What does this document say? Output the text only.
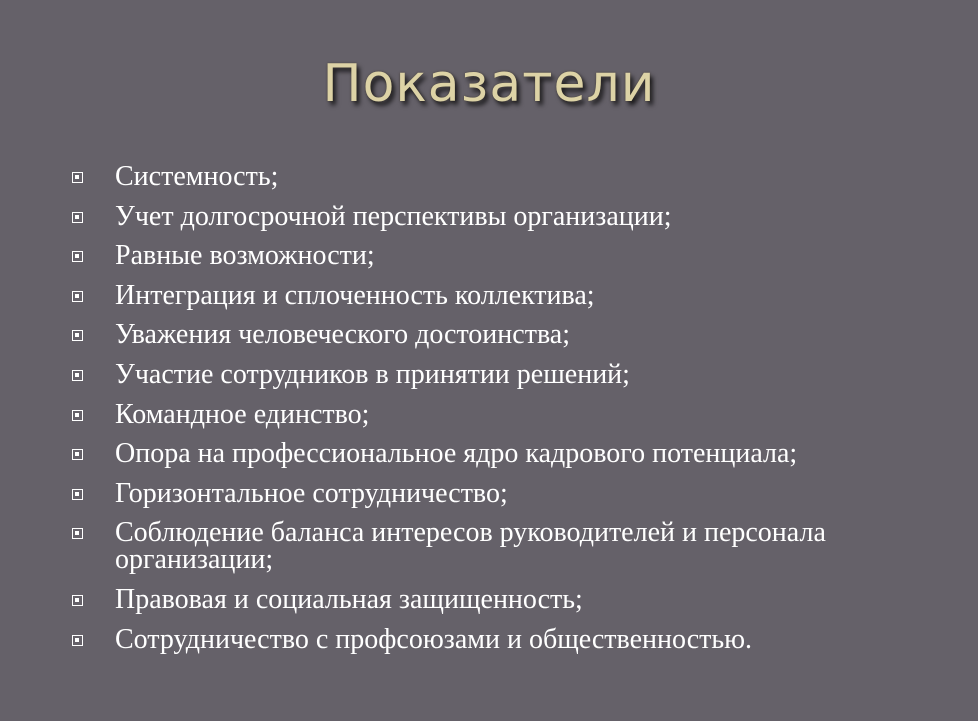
Показатели
Системность;
Учет долгосрочной перспективы организации;
Равные возможности;
Интеграция и сплоченность коллектива;
Уважения человеческого достоинства;
Участие сотрудников в принятии решений;
Командное единство;
Опора на профессиональное ядро кадрового потенциала;
Горизонтальное сотрудничество;
Соблюдение баланса интересов руководителей и персонала организации;
Правовая и социальная защищенность;
Сотрудничество с профсоюзами и общественностью.
